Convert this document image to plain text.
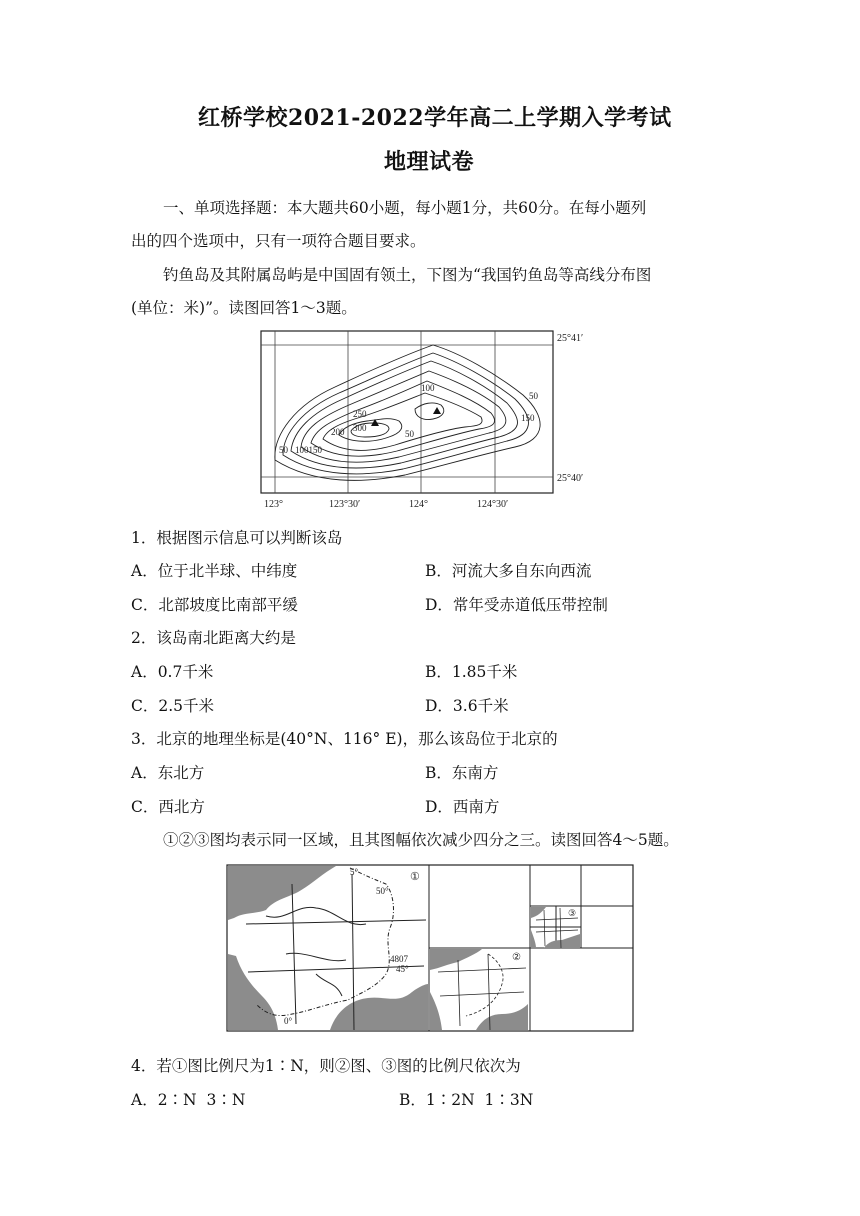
红桥学校2021-2022学年高二上学期入学考试
地理试卷
一、单项选择题：本大题共60小题，每小题1分，共60分。在每小题列
出的四个选项中，只有一项符合题目要求。
钓鱼岛及其附属岛屿是中国固有领土，下图为“我国钓鱼岛等高线分布图
(单位：米)”。读图回答1～3题。
100
50
150
250
300
200	50
50 100150
25°41′
25°40′
123°	123°30′	124°	124°30′
1．根据图示信息可以判断该岛
A．位于北半球、中纬度	B．河流大多自东向西流
C．北部坡度比南部平缓	D．常年受赤道低压带控制
2．该岛南北距离大约是
A．0.7千米	B．1.85千米
C．2.5千米	D．3.6千米
3．北京的地理坐标是(40°N、116° E)，那么该岛位于北京的
A．东北方	B．东南方
C．西北方	D．西南方
①②③图均表示同一区域，且其图幅依次减少四分之三。读图回答4～5题。
①
5°
50°
4807
45°
0°
②
③
4．若①图比例尺为1∶N，则②图、③图的比例尺依次为
A．2∶N  3∶N	B．1∶2N  1∶3N
